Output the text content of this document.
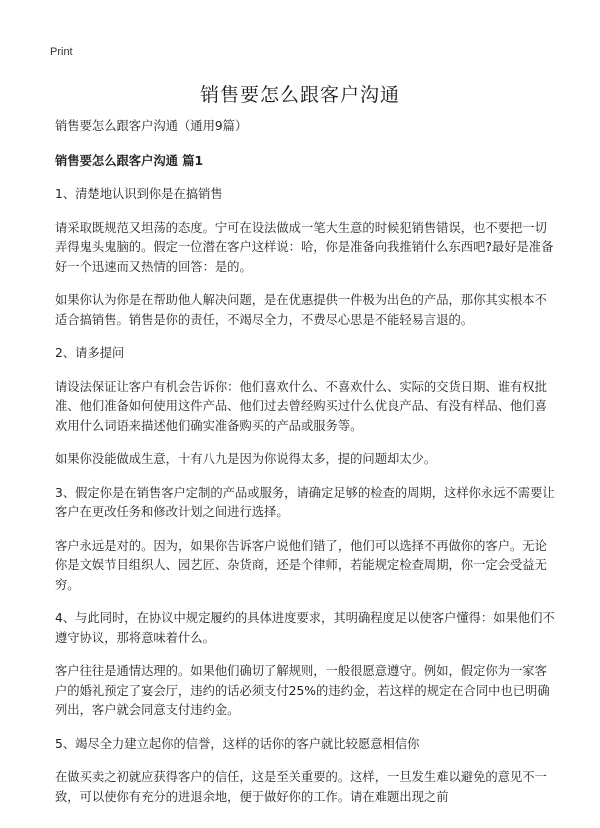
Print
销售要怎么跟客户沟通

销售要怎么跟客户沟通（通用9篇）

销售要怎么跟客户沟通 篇1

1、清楚地认识到你是在搞销售

请采取既规范又坦荡的态度。宁可在设法做成一笔大生意的时候犯销售错误，也不要把一切弄得鬼头鬼脑的。假定一位潜在客户这样说：哈，你是准备向我推销什么东西吧?最好是准备好一个迅速而又热情的回答：是的。

如果你认为你是在帮助他人解决问题，是在优惠提供一件极为出色的产品，那你其实根本不适合搞销售。销售是你的责任，不竭尽全力，不费尽心思是不能轻易言退的。

2、请多提问

请设法保证让客户有机会告诉你：他们喜欢什么、不喜欢什么、实际的交货日期、谁有权批准、他们准备如何使用这件产品、他们过去曾经购买过什么优良产品、有没有样品、他们喜欢用什么词语来描述他们确实准备购买的产品或服务等。

如果你没能做成生意，十有八九是因为你说得太多，提的问题却太少。

3、假定你是在销售客户定制的产品或服务，请确定足够的检查的周期，这样你永远不需要让客户在更改任务和修改计划之间进行选择。

客户永远是对的。因为，如果你告诉客户说他们错了，他们可以选择不再做你的客户。无论你是文娱节目组织人、园艺匠、杂货商，还是个律师，若能规定检查周期，你一定会受益无穷。

4、与此同时，在协议中规定履约的具体进度要求，其明确程度足以使客户懂得：如果他们不遵守协议，那将意味着什么。

客户往往是通情达理的。如果他们确切了解规则，一般很愿意遵守。例如，假定你为一家客户的婚礼预定了宴会厅，违约的话必须支付25%的违约金，若这样的规定在合同中也已明确列出，客户就会同意支付违约金。

5、竭尽全力建立起你的信誉，这样的话你的客户就比较愿意相信你

在做买卖之初就应获得客户的信任，这是至关重要的。这样，一旦发生难以避免的意见不一致，可以使你有充分的进退余地，便于做好你的工作。请在难题出现之前
